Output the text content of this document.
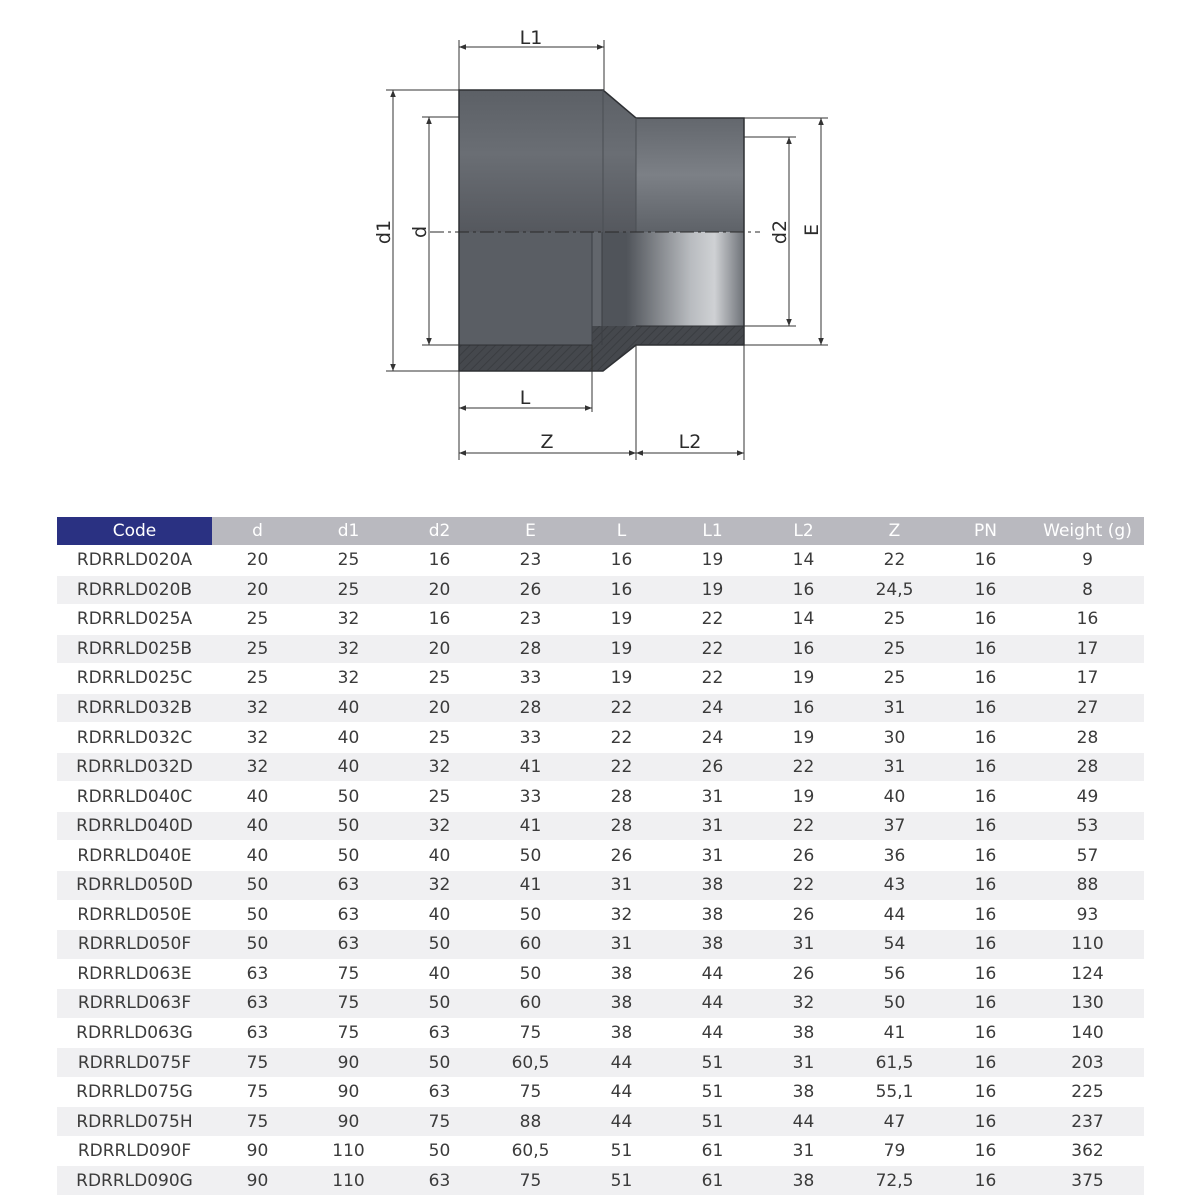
L1
d1 d	d2 E
L
Z	L2
Code	d	d1	d2	E	L	L1	L2	Z	PN	Weight (g)
RDRRLD020A	20	25	16	23	16	19	14	22	16	9
RDRRLD020B	20	25	20	26	16	19	16	24,5	16	8
RDRRLD025A	25	32	16	23	19	22	14	25	16	16
RDRRLD025B	25	32	20	28	19	22	16	25	16	17
RDRRLD025C	25	32	25	33	19	22	19	25	16	17
RDRRLD032B	32	40	20	28	22	24	16	31	16	27
RDRRLD032C	32	40	25	33	22	24	19	30	16	28
RDRRLD032D	32	40	32	41	22	26	22	31	16	28
RDRRLD040C	40	50	25	33	28	31	19	40	16	49
RDRRLD040D	40	50	32	41	28	31	22	37	16	53
RDRRLD040E	40	50	40	50	26	31	26	36	16	57
RDRRLD050D	50	63	32	41	31	38	22	43	16	88
RDRRLD050E	50	63	40	50	32	38	26	44	16	93
RDRRLD050F	50	63	50	60	31	38	31	54	16	110
RDRRLD063E	63	75	40	50	38	44	26	56	16	124
RDRRLD063F	63	75	50	60	38	44	32	50	16	130
RDRRLD063G	63	75	63	75	38	44	38	41	16	140
RDRRLD075F	75	90	50	60,5	44	51	31	61,5	16	203
RDRRLD075G	75	90	63	75	44	51	38	55,1	16	225
RDRRLD075H	75	90	75	88	44	51	44	47	16	237
RDRRLD090F	90	110	50	60,5	51	61	31	79	16	362
RDRRLD090G	90	110	63	75	51	61	38	72,5	16	375
